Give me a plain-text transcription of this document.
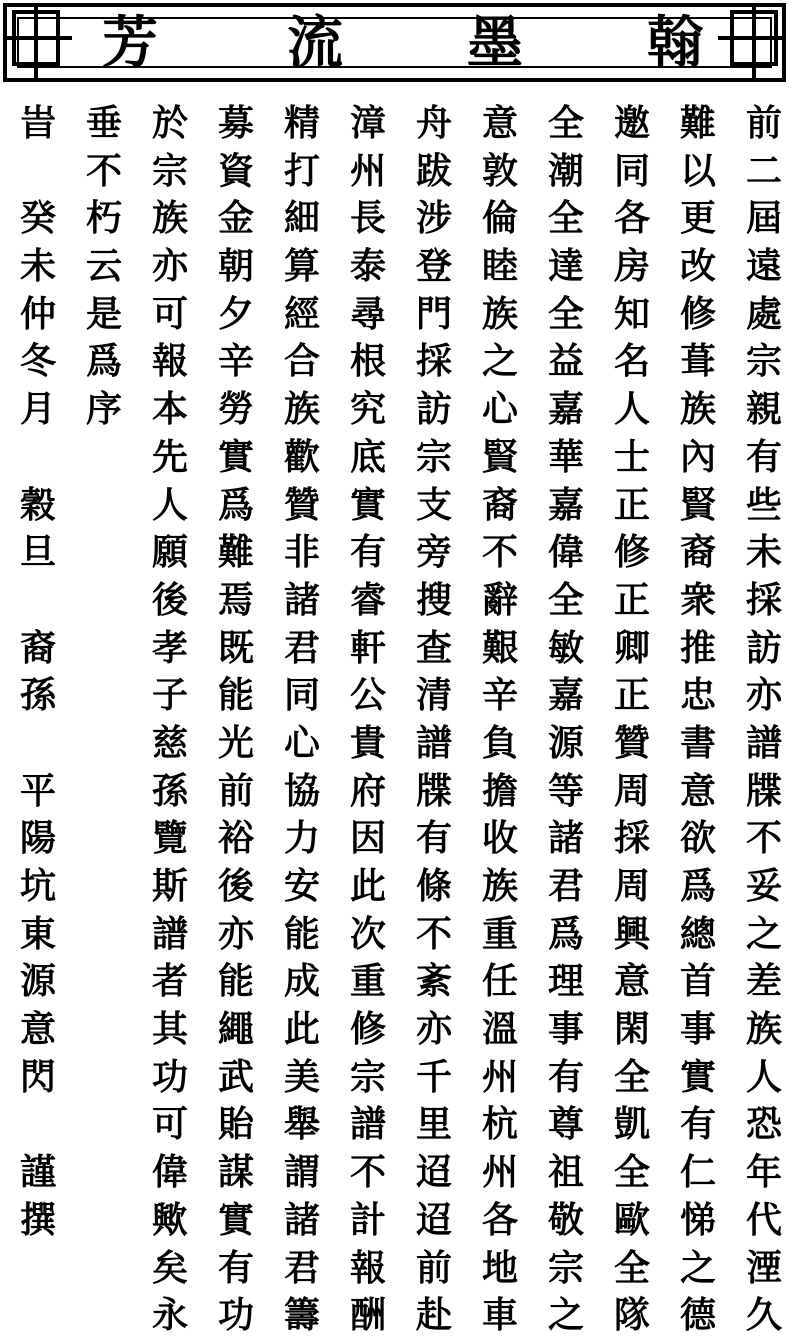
芳 流 墨 翰
前
二
屆
遠
處
宗
親
有
些
未
採
訪
亦
譜
牒
不
妥
之
差
族
人
恐
年
代
湮
久
難
以
更
改
修
葺
族
內
賢
裔
衆
推
忠
書
意
欲
爲
總
首
事
實
有
仁
悌
之
德
邀
同
各
房
知
名
人
士
正
修
正
卿
正
贊
周
採
周
興
意
閑
全
凱
全
歐
全
隊
全
潮
全
達
全
益
嘉
華
嘉
偉
全
敏
嘉
源
等
諸
君
爲
理
事
有
尊
祖
敬
宗
之
意
敦
倫
睦
族
之
心
賢
裔
不
辭
艱
辛
負
擔
收
族
重
任
溫
州
杭
州
各
地
車
舟
跋
涉
登
門
採
訪
宗
支
旁
搜
查
清
譜
牒
有
條
不
紊
亦
千
里
迢
迢
前
赴
漳
州
長
泰
尋
根
究
底
實
有
睿
軒
公
貴
府
因
此
次
重
修
宗
譜
不
計
報
酬
精
打
細
算
經
合
族
歡
贊
非
諸
君
同
心
協
力
安
能
成
此
美
舉
謂
諸
君
籌
募
資
金
朝
夕
辛
勞
實
爲
難
焉
既
能
光
前
裕
後
亦
能
繩
武
貽
謀
實
有
功
於
宗
族
亦
可
報
本
先
人
願
後
孝
子
慈
孫
覽
斯
譜
者
其
功
可
偉
歟
矣
永
垂
不
朽
云
是
爲
序
旹
癸
未
仲
冬
月
穀
旦
裔
孫
平
陽
坑
東
源
意
閃
謹
撰
